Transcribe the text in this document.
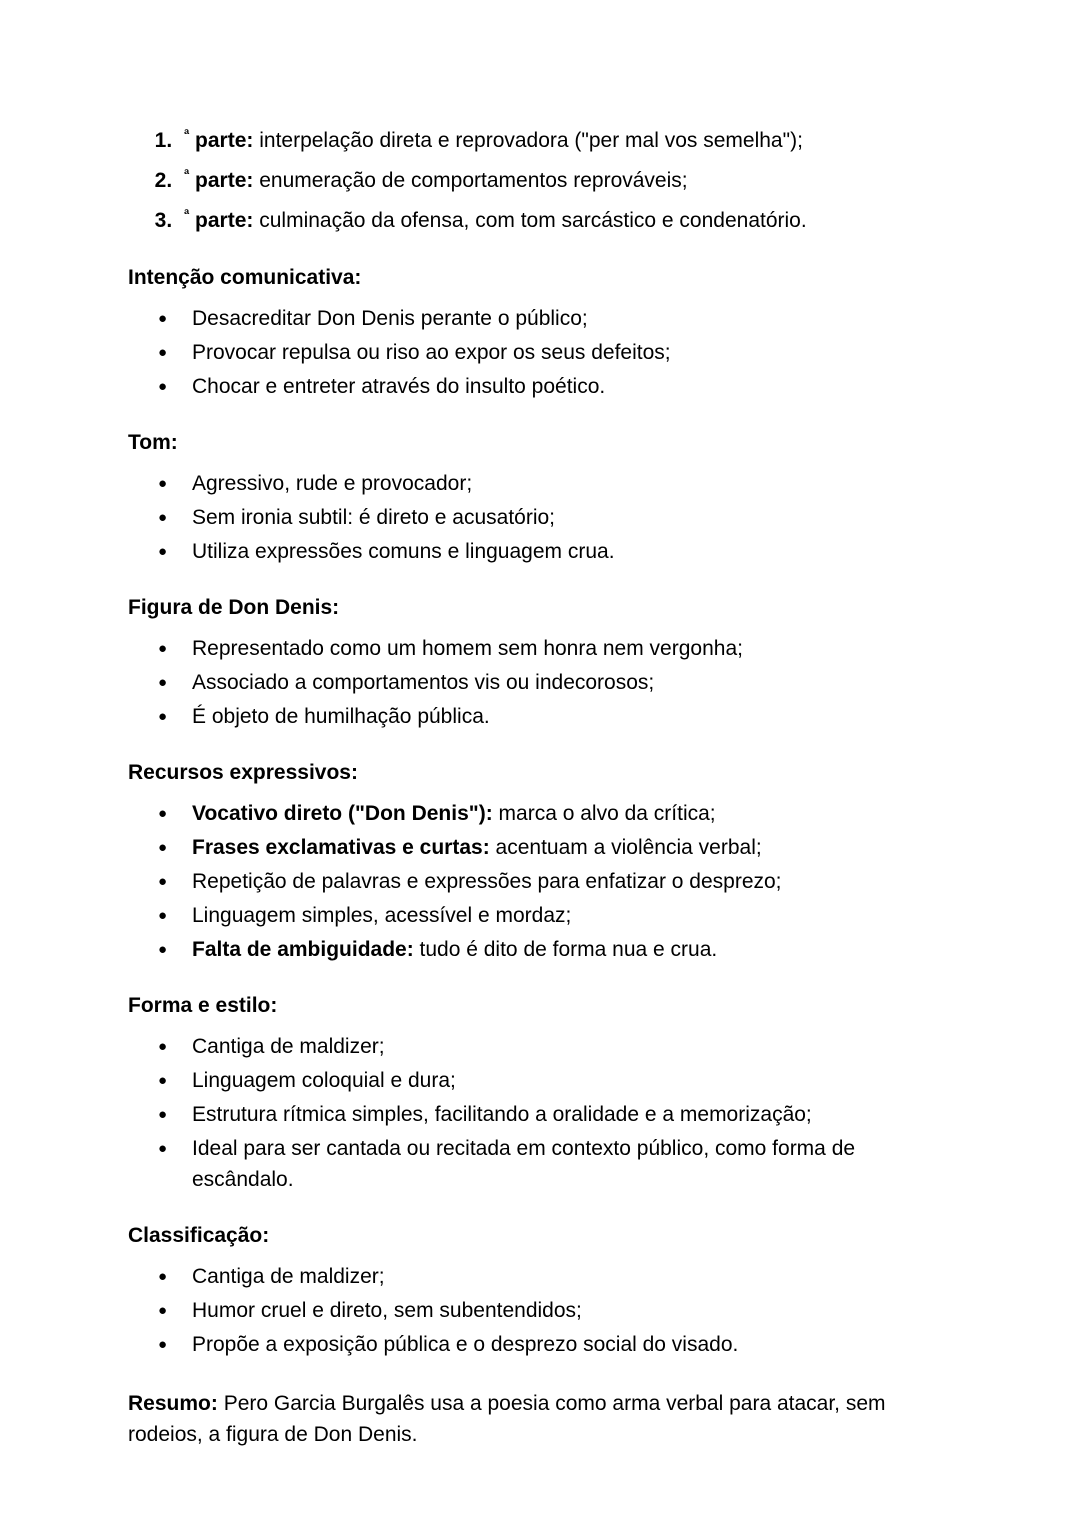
1. $^ª$ parte: interpelação direta e reprovadora ("per mal vos semelha");
2. $^ª$ parte: enumeração de comportamentos reprováveis;
3. $^ª$ parte: culminação da ofensa, com tom sarcástico e condenatório.
Intenção comunicativa:
● Desacreditar Don Denis perante o público;
● Provocar repulsa ou riso ao expor os seus defeitos;
● Chocar e entreter através do insulto poético.
Tom:
● Agressivo, rude e provocador;
● Sem ironia subtil: é direto e acusatório;
● Utiliza expressões comuns e linguagem crua.
Figura de Don Denis:
● Representado como um homem sem honra nem vergonha;
● Associado a comportamentos vis ou indecorosos;
● É objeto de humilhação pública.
Recursos expressivos:
● Vocativo direto ("Don Denis"): marca o alvo da crítica;
● Frases exclamativas e curtas: acentuam a violência verbal;
● Repetição de palavras e expressões para enfatizar o desprezo;
● Linguagem simples, acessível e mordaz;
● Falta de ambiguidade: tudo é dito de forma nua e crua.
Forma e estilo:
● Cantiga de maldizer;
● Linguagem coloquial e dura;
● Estrutura rítmica simples, facilitando a oralidade e a memorização;
● Ideal para ser cantada ou recitada em contexto público, como forma de escândalo.
Classificação:
● Cantiga de maldizer;
● Humor cruel e direto, sem subentendidos;
● Propõe a exposição pública e o desprezo social do visado.

Resumo: Pero Garcia Burgalês usa a poesia como arma verbal para atacar, sem rodeios, a figura de Don Denis.
